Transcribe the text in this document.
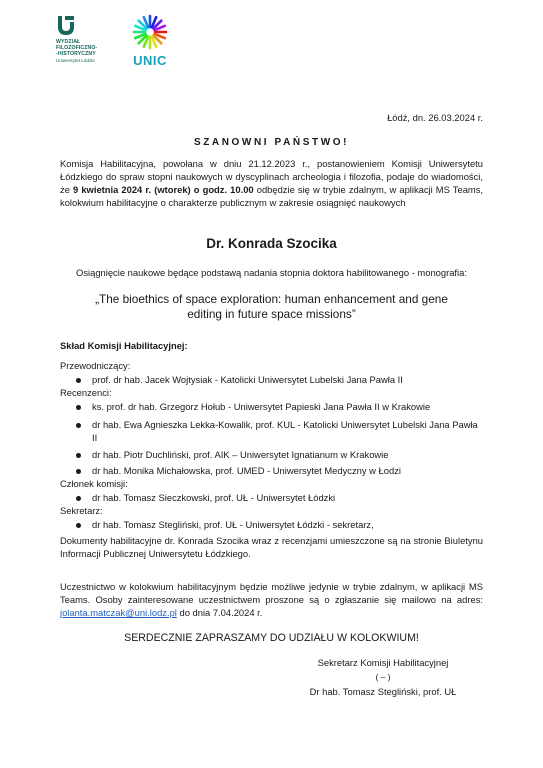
WYDZIAŁ
FILOZOFICZNO-
-HISTORYCZNY
Uniwersytet Łódzki	UNIC
Łódź, dn. 26.03.2024 r.
SZANOWNI PAŃSTWO!
Komisja Habilitacyjna, powołana w dniu 21.12.2023 r., postanowieniem Komisji Uniwersytetu Łódzkiego do spraw stopni naukowych w dyscyplinach archeologia i filozofia, podaje do wiadomości, że 9 kwietnia 2024 r. (wtorek) o godz. 10.00 odbędzie się w trybie zdalnym, w aplikacji MS Teams, kolokwium habilitacyjne o charakterze publicznym w zakresie osiągnięć naukowych
Dr. Konrada Szocika
Osiągnięcie naukowe będące podstawą nadania stopnia doktora habilitowanego - monografia:
„The bioethics of space exploration: human enhancement and gene editing in future space missions”
Skład Komisji Habilitacyjnej:
Przewodniczący:
prof. dr hab. Jacek Wojtysiak - Katolicki Uniwersytet Lubelski Jana Pawła II
Recenzenci:
ks. prof. dr hab. Grzegorz Hołub - Uniwersytet Papieski Jana Pawła II w Krakowie
dr hab. Ewa Agnieszka Lekka-Kowalik, prof. KUL - Katolicki Uniwersytet Lubelski Jana Pawła II
dr hab. Piotr Duchliński, prof. AIK – Uniwersytet Ignatianum w Krakowie
dr hab. Monika Michałowska, prof. UMED - Uniwersytet Medyczny w Łodzi
Członek komisji:
dr hab. Tomasz Sieczkowski, prof. UŁ - Uniwersytet Łódzki
Sekretarz:
dr hab. Tomasz Stegliński, prof. UŁ - Uniwersytet Łódzki - sekretarz,
Dokumenty habilitacyjne dr. Konrada Szocika wraz z recenzjami umieszczone są na stronie Biuletynu Informacji Publicznej Uniwersytetu Łódzkiego.
Uczestnictwo w kolokwium habilitacyjnym będzie możliwe jedynie w trybie zdalnym, w aplikacji MS Teams. Osoby zainteresowane uczestnictwem proszone są o zgłaszanie się mailowo na adres: jolanta.matczak@uni.lodz.pl do dnia 7.04.2024 r.
SERDECZNIE ZAPRASZAMY DO UDZIAŁU W KOLOKWIUM!
Sekretarz Komisji Habilitacyjnej
( – )
Dr hab. Tomasz Stegliński, prof. UŁ
